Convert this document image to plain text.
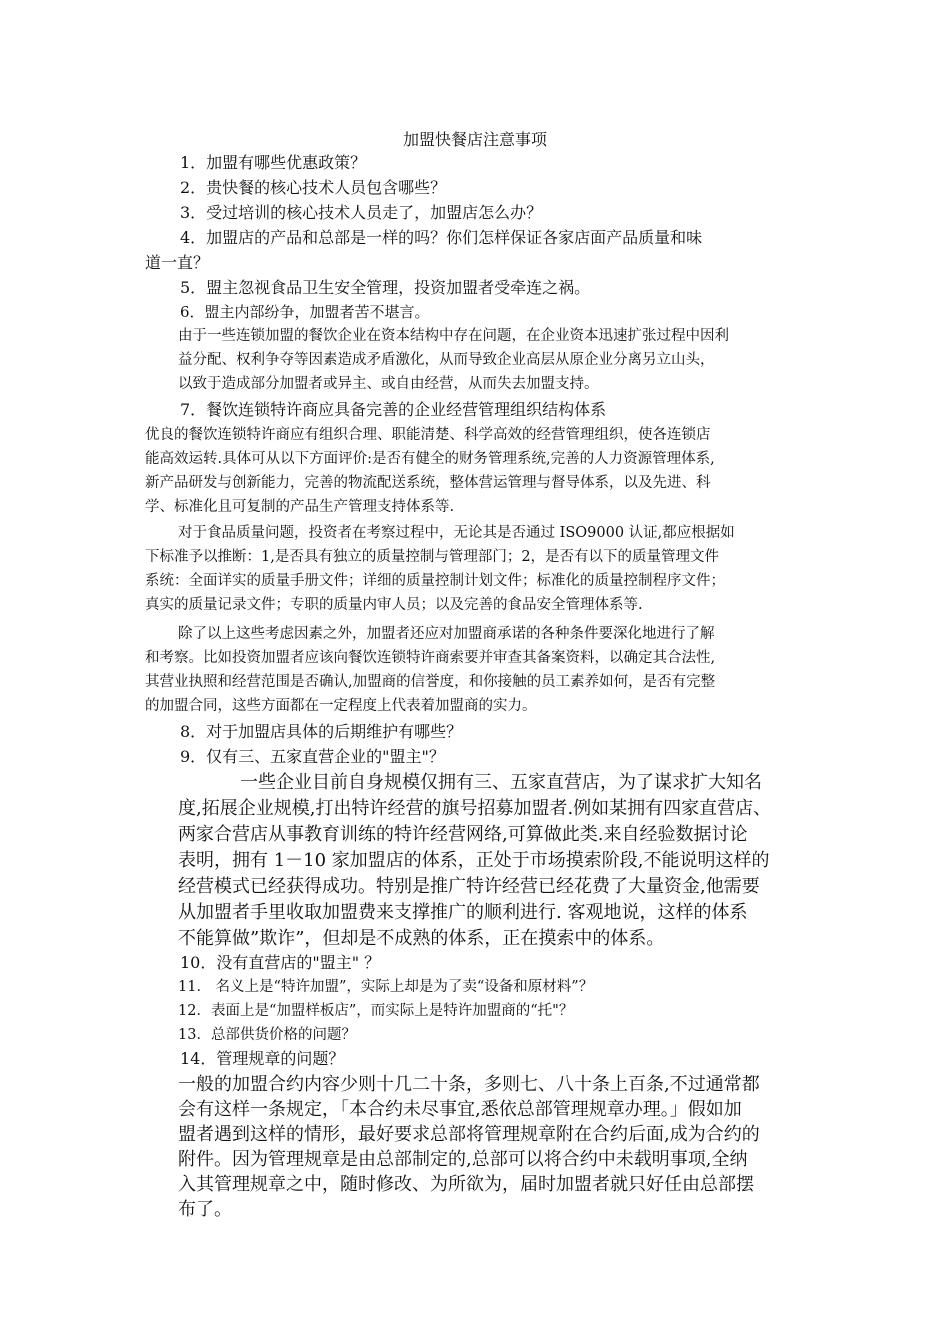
加盟快餐店注意事项
1．加盟有哪些优惠政策？
2．贵快餐的核心技术人员包含哪些？
3．受过培训的核心技术人员走了，加盟店怎么办？
4．加盟店的产品和总部是一样的吗？你们怎样保证各家店面产品质量和味
道一直？
5．盟主忽视食品卫生安全管理，投资加盟者受牵连之祸。
6．盟主内部纷争，加盟者苦不堪言。
由于一些连锁加盟的餐饮企业在资本结构中存在问题，在企业资本迅速扩张过程中因利
益分配、权利争夺等因素造成矛盾激化，从而导致企业高层从原企业分离另立山头，
以致于造成部分加盟者或异主、或自由经营，从而失去加盟支持。
7．餐饮连锁特许商应具备完善的企业经营管理组织结构体系
优良的餐饮连锁特许商应有组织合理、职能清楚、科学高效的经营管理组织，使各连锁店
能高效运转.具体可从以下方面评价:是否有健全的财务管理系统,完善的人力资源管理体系,
新产品研发与创新能力，完善的物流配送系统，整体营运管理与督导体系，以及先进、科
学、标准化且可复制的产品生产管理支持体系等.
对于食品质量问题，投资者在考察过程中，无论其是否通过 ISO9000 认证,都应根据如
下标准予以推断：1,是否具有独立的质量控制与管理部门；2，是否有以下的质量管理文件
系统：全面详实的质量手册文件；详细的质量控制计划文件；标准化的质量控制程序文件；
真实的质量记录文件；专职的质量内审人员；以及完善的食品安全管理体系等.
除了以上这些考虑因素之外，加盟者还应对加盟商承诺的各种条件要深化地进行了解
和考察。比如投资加盟者应该向餐饮连锁特许商索要并审查其备案资料，以确定其合法性,
其营业执照和经营范围是否确认,加盟商的信誉度，和你接触的员工素养如何，是否有完整
的加盟合同，这些方面都在一定程度上代表着加盟商的实力。
8．对于加盟店具体的后期维护有哪些？
9．仅有三、五家直营企业的"盟主"？
一些企业目前自身规模仅拥有三、五家直营店，为了谋求扩大知名
度,拓展企业规模,打出特许经营的旗号招募加盟者.例如某拥有四家直营店、
两家合营店从事教育训练的特许经营网络,可算做此类.来自经验数据讨论
表明，拥有 1－10 家加盟店的体系，正处于市场摸索阶段,不能说明这样的
经营模式已经获得成功。特别是推广特许经营已经花费了大量资金,他需要
从加盟者手里收取加盟费来支撑推广的顺利进行. 客观地说，这样的体系
不能算做”欺诈”，但却是不成熟的体系，正在摸索中的体系。
10．没有直营店的"盟主" ？
11． 名义上是“特许加盟”，实际上却是为了卖“设备和原材料”？
12．表面上是“加盟样板店”，而实际上是特许加盟商的“托"？
13．总部供货价格的问题？
14．管理规章的问题？
一般的加盟合约内容少则十几二十条，多则七、八十条上百条,不过通常都
会有这样一条规定，「本合约未尽事宜,悉依总部管理规章办理。」假如加
盟者遇到这样的情形，最好要求总部将管理规章附在合约后面,成为合约的
附件。因为管理规章是由总部制定的,总部可以将合约中未载明事项,全纳
入其管理规章之中，随时修改、为所欲为，届时加盟者就只好任由总部摆
布了。
